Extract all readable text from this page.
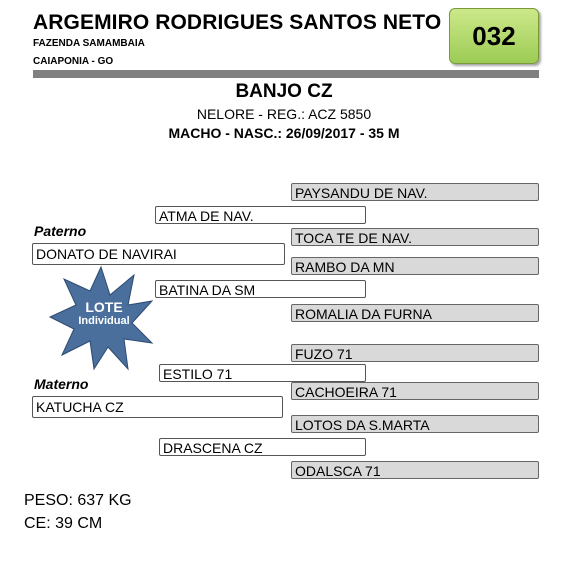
ARGEMIRO RODRIGUES SANTOS NETO
FAZENDA SAMAMBAIA
CAIAPONIA - GO
032
BANJO CZ
NELORE - REG.: ACZ 5850
MACHO - NASC.: 26/09/2017 - 35 M
PAYSANDU DE NAV.
TOCA TE DE NAV.
RAMBO DA MN
ROMALIA DA FURNA
FUZO 71
CACHOEIRA 71
LOTOS DA S.MARTA
ODALSCA 71
ATMA DE NAV.
BATINA DA SM
ESTILO 71
DRASCENA CZ
Paterno
DONATO DE NAVIRAI
Materno
KATUCHA CZ
LOTE
Individual
PESO: 637 KG
CE: 39 CM
